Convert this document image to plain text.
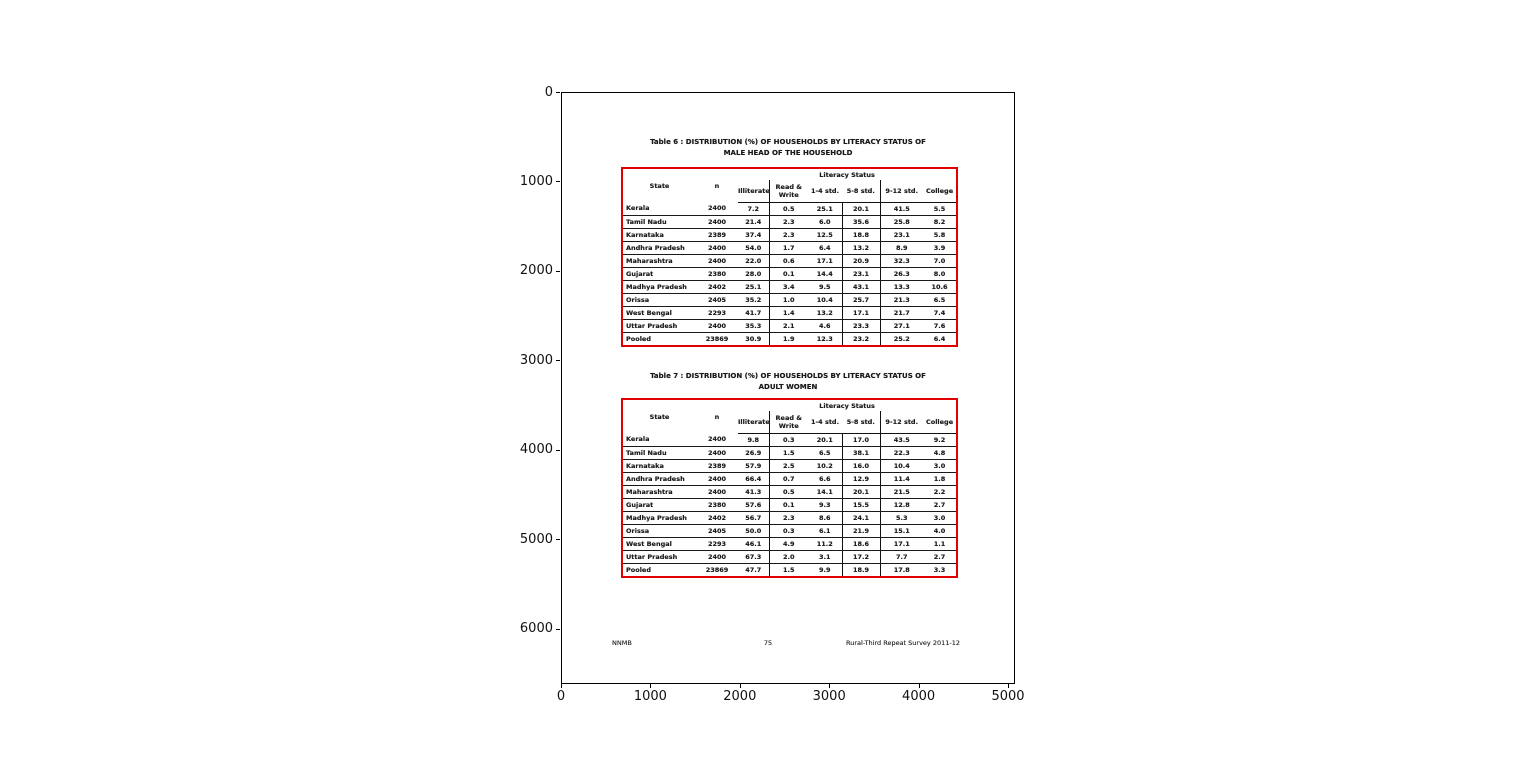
0
1000
2000
3000
4000
5000
6000
0	1000	2000	3000	4000	5000
Table 6 : DISTRIBUTION (%) OF HOUSEHOLDS BY LITERACY STATUS OF
MALE HEAD OF THE HOUSEHOLD
State	n	Literacy Status					
		Illiterate	Read & Write	1-4 std.	5-8 std.	9-12 std.	College
Kerala	2400	7.2	0.5	25.1	20.1	41.5	5.5
Tamil Nadu	2400	21.4	2.3	6.0	35.6	25.8	8.2
Karnataka	2389	37.4	2.3	12.5	18.8	23.1	5.8
Andhra Pradesh	2400	54.0	1.7	6.4	13.2	8.9	3.9
Maharashtra	2400	22.0	0.6	17.1	20.9	32.3	7.0
Gujarat	2380	28.0	0.1	14.4	23.1	26.3	8.0
Madhya Pradesh	2402	25.1	3.4	9.5	43.1	13.3	10.6
Orissa	2405	35.2	1.0	10.4	25.7	21.3	6.5
West Bengal	2293	41.7	1.4	13.2	17.1	21.7	7.4
Uttar Pradesh	2400	35.3	2.1	4.6	23.3	27.1	7.6
Pooled	23869	30.9	1.9	12.3	23.2	25.2	6.4
Table 7 : DISTRIBUTION (%) OF HOUSEHOLDS BY LITERACY STATUS OF
ADULT WOMEN
State	n	Literacy Status					
		Illiterate	Read & Write	1-4 std.	5-8 std.	9-12 std.	College
Kerala	2400	9.8	0.3	20.1	17.0	43.5	9.2
Tamil Nadu	2400	26.9	1.5	6.5	38.1	22.3	4.8
Karnataka	2389	57.9	2.5	10.2	16.0	10.4	3.0
Andhra Pradesh	2400	66.4	0.7	6.6	12.9	11.4	1.8
Maharashtra	2400	41.3	0.5	14.1	20.1	21.5	2.2
Gujarat	2380	57.6	0.1	9.3	15.5	12.8	2.7
Madhya Pradesh	2402	56.7	2.3	8.6	24.1	5.3	3.0
Orissa	2405	50.0	0.3	6.1	21.9	15.1	4.0
West Bengal	2293	46.1	4.9	11.2	18.6	17.1	1.1
Uttar Pradesh	2400	67.3	2.0	3.1	17.2	7.7	2.7
Pooled	23869	47.7	1.5	9.9	18.9	17.8	3.3
NNMB	75	Rural-Third Repeat Survey 2011-12
